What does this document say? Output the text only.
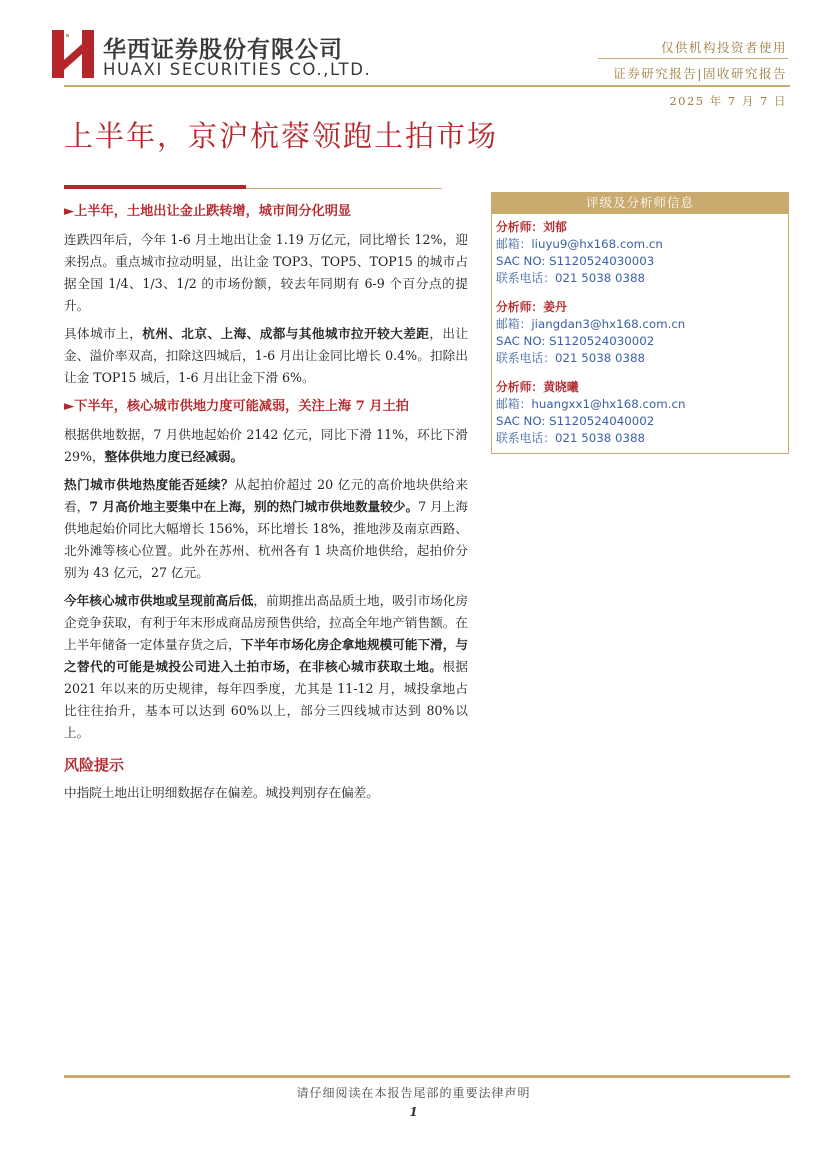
华西证券股份有限公司
HUAXI SECURITIES CO.,LTD.
仅供机构投资者使用
证券研究报告|固收研究报告
2025 年 7 月 7 日
上半年，京沪杭蓉领跑土拍市场
►上半年，土地出让金止跌转增，城市间分化明显

连跌四年后，今年 1-6 月土地出让金 1.19 万亿元，同比增长 12%，迎来拐点。重点城市拉动明显，出让金 TOP3、TOP5、TOP15 的城市占据全国 1/4、1/3、1/2 的市场份额，较去年同期有 6-9 个百分点的提升。

具体城市上，杭州、北京、上海、成都与其他城市拉开较大差距，出让金、溢价率双高，扣除这四城后，1-6 月出让金同比增长 0.4%。扣除出让金 TOP15 城后，1-6 月出让金下滑 6%。

►下半年，核心城市供地力度可能减弱，关注上海 7 月土拍

根据供地数据，7 月供地起始价 2142 亿元，同比下滑 11%，环比下滑 29%，整体供地力度已经减弱。

热门城市供地热度能否延续？从起拍价超过 20 亿元的高价地块供给来看，7 月高价地主要集中在上海，别的热门城市供地数量较少。7 月上海供地起始价同比大幅增长 156%，环比增长 18%，推地涉及南京西路、北外滩等核心位置。此外在苏州、杭州各有 1 块高价地供给，起拍价分别为 43 亿元，27 亿元。

今年核心城市供地或呈现前高后低，前期推出高品质土地，吸引市场化房企竞争获取，有利于年末形成商品房预售供给，拉高全年地产销售额。在上半年储备一定体量存货之后，下半年市场化房企拿地规模可能下滑，与之替代的可能是城投公司进入土拍市场，在非核心城市获取土地。根据 2021 年以来的历史规律，每年四季度，尤其是 11-12 月，城投拿地占比往往抬升，基本可以达到 60%以上，部分三四线城市达到 80%以上。

风险提示

中指院土地出让明细数据存在偏差。城投判别存在偏差。

评级及分析师信息
分析师：刘郁
邮箱：liuyu9@hx168.com.cn
SAC NO: S1120524030003
联系电话：021 5038 0388
分析师：姜丹
邮箱：jiangdan3@hx168.com.cn
SAC NO: S1120524030002
联系电话：021 5038 0388
分析师：黄晓曦
邮箱：huangxx1@hx168.com.cn
SAC NO: S1120524040002
联系电话：021 5038 0388
请仔细阅读在本报告尾部的重要法律声明
1
